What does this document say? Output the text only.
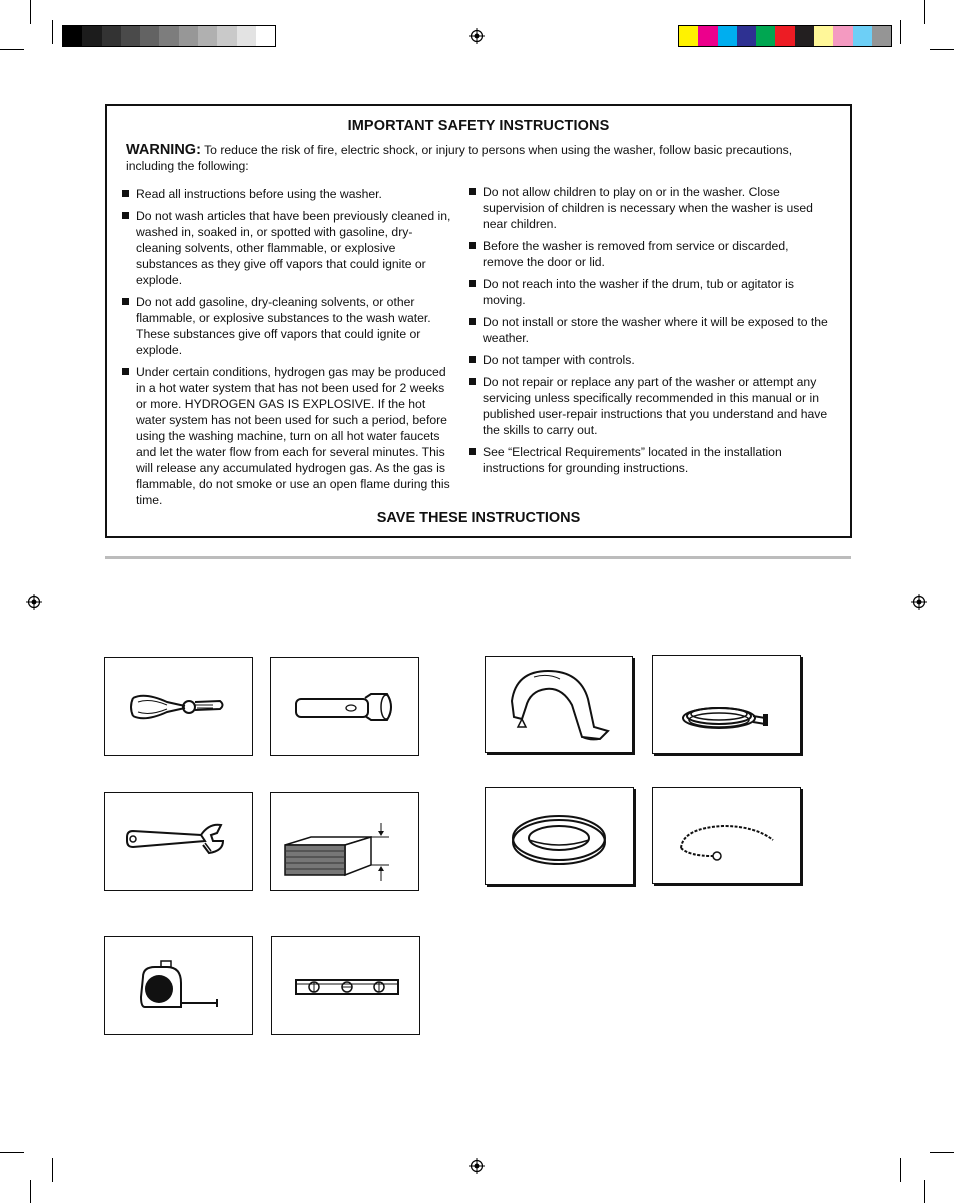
IMPORTANT SAFETY INSTRUCTIONS
WARNING: To reduce the risk of fire, electric shock, or injury to persons when using the washer, follow basic precautions, including the following:
Read all instructions before using the washer.
Do not wash articles that have been previously cleaned in, washed in, soaked in, or spotted with gasoline, dry-cleaning solvents, other flammable, or explosive substances as they give off vapors that could ignite or explode.
Do not add gasoline, dry-cleaning solvents, or other flammable, or explosive substances to the wash water. These substances give off vapors that could ignite or explode.
Under certain conditions, hydrogen gas may be produced in a hot water system that has not been used for 2 weeks or more. HYDROGEN GAS IS EXPLOSIVE. If the hot water system has not been used for such a period, before using the washing machine, turn on all hot water faucets and let the water flow from each for several minutes. This will release any accumulated hydrogen gas. As the gas is flammable, do not smoke or use an open flame during this time.
Do not allow children to play on or in the washer. Close supervision of children is necessary when the washer is used near children.
Before the washer is removed from service or discarded, remove the door or lid.
Do not reach into the washer if the drum, tub or agitator is moving.
Do not install or store the washer where it will be exposed to the weather.
Do not tamper with controls.
Do not repair or replace any part of the washer or attempt any servicing unless specifically recommended in this manual or in published user-repair instructions that you understand and have the skills to carry out.
See “Electrical Requirements” located in the installation instructions for grounding instructions.
SAVE THESE INSTRUCTIONS
